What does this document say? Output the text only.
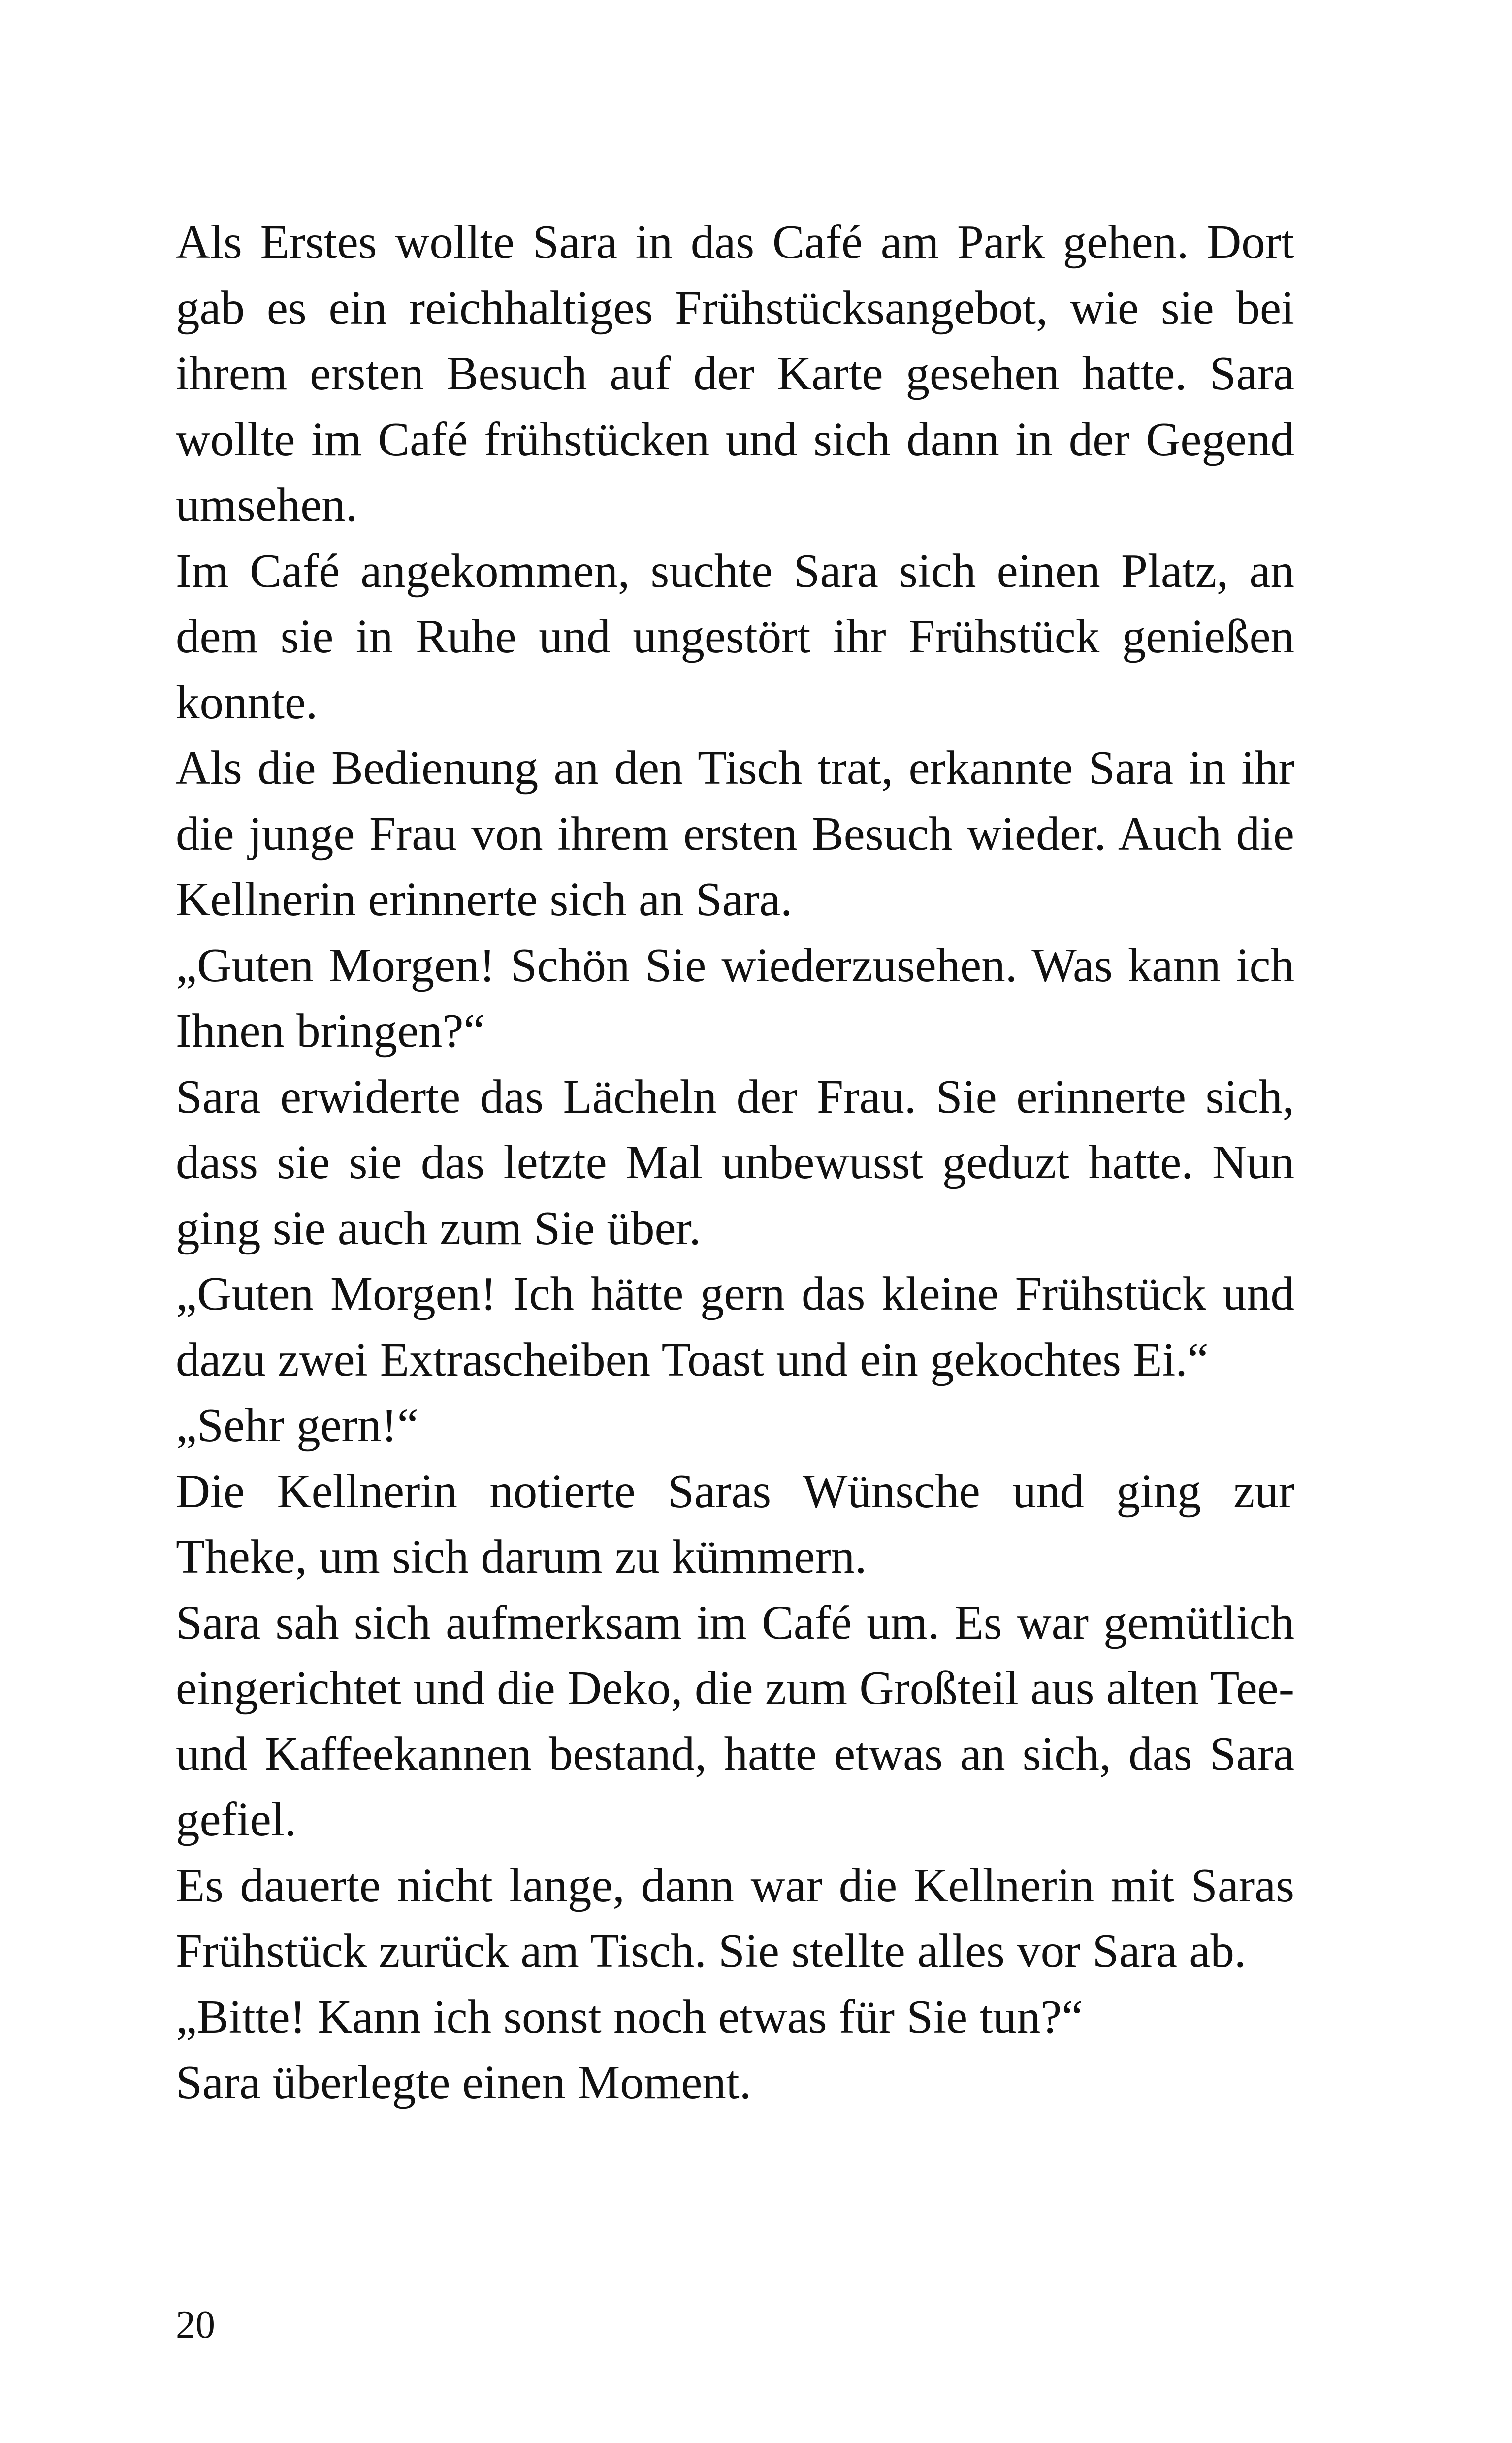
Als Erstes wollte Sara in das Café am Park gehen. Dort gab es ein reichhaltiges Frühstücksangebot, wie sie bei ihrem ersten Besuch auf der Karte gesehen hatte. Sara wollte im Café frühstücken und sich dann in der Gegend umsehen.

Im Café angekommen, suchte Sara sich einen Platz, an dem sie in Ruhe und ungestört ihr Frühstück genießen konnte.

Als die Bedienung an den Tisch trat, erkannte Sara in ihr die junge Frau von ihrem ersten Besuch wieder. Auch die Kellnerin erinnerte sich an Sara.

„Guten Morgen! Schön Sie wiederzusehen. Was kann ich Ihnen bringen?“

Sara erwiderte das Lächeln der Frau. Sie erinnerte sich, dass sie sie das letzte Mal unbewusst geduzt hatte. Nun ging sie auch zum Sie über.

„Guten Morgen! Ich hätte gern das kleine Frühstück und dazu zwei Extrascheiben Toast und ein gekochtes Ei.“

„Sehr gern!“

Die Kellnerin notierte Saras Wünsche und ging zur Theke, um sich darum zu kümmern.

Sara sah sich aufmerksam im Café um. Es war gemütlich eingerichtet und die Deko, die zum Großteil aus alten Tee- und Kaffeekannen bestand, hatte etwas an sich, das Sara gefiel.

Es dauerte nicht lange, dann war die Kellnerin mit Saras Frühstück zurück am Tisch. Sie stellte alles vor Sara ab.

„Bitte! Kann ich sonst noch etwas für Sie tun?“

Sara überlegte einen Moment.

20
